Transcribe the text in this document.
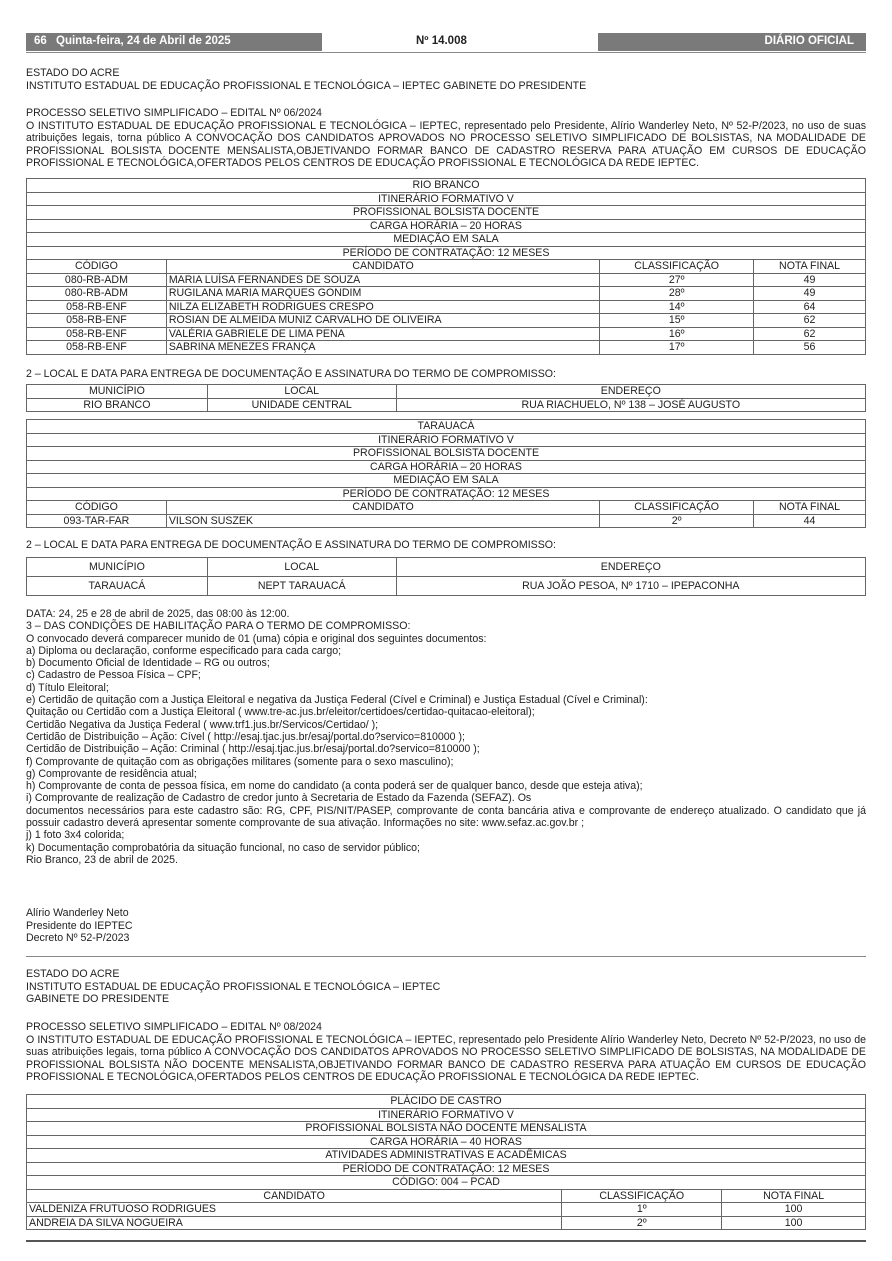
66 Quinta-feira, 24 de Abril de 2025	Nº 14.008	DIÁRIO OFICIAL

ESTADO DO ACRE

INSTITUTO ESTADUAL DE EDUCAÇÃO PROFISSIONAL E TECNOLÓGICA – IEPTEC GABINETE DO PRESIDENTE

PROCESSO SELETIVO SIMPLIFICADO – EDITAL Nº 06/2024

O INSTITUTO ESTADUAL DE EDUCAÇÃO PROFISSIONAL E TECNOLÓGICA – IEPTEC, representado pelo Presidente, Alírio Wanderley Neto, Nº 52-P/2023, no uso de suas atribuições legais, torna público A CONVOCAÇÃO DOS CANDIDATOS APROVADOS NO PROCESSO SELETIVO SIMPLIFICADO DE BOLSISTAS, NA MODALIDADE DE PROFISSIONAL BOLSISTA DOCENTE MENSALISTA,OBJETIVANDO FORMAR BANCO DE CADASTRO RESERVA PARA ATUAÇÃO EM CURSOS DE EDUCAÇÃO PROFISSIONAL E TECNOLÓGICA,OFERTADOS PELOS CENTROS DE EDUCAÇÃO PROFISSIONAL E TECNOLÓGICA DA REDE IEPTEC.

RIO BRANCO			
ITINERÁRIO FORMATIVO V			
PROFISSIONAL BOLSISTA DOCENTE			
CARGA HORÁRIA – 20 HORAS			
MEDIAÇÃO EM SALA			
PERÍODO DE CONTRATAÇÃO: 12 MESES			
CÓDIGO	CANDIDATO	CLASSIFICAÇÃO	NOTA FINAL
080-RB-ADM	MARIA LUÍSA FERNANDES DE SOUZA	27º	49
080-RB-ADM	RUGILANA MARIA MARQUES GONDIM	28º	49
058-RB-ENF	NILZA ELIZABETH RODRIGUES CRESPO	14º	64
058-RB-ENF	ROSIAN DE ALMEIDA MUNIZ CARVALHO DE OLIVEIRA	15º	62
058-RB-ENF	VALÉRIA GABRIELE DE LIMA PENA	16º	62
058-RB-ENF	SABRINA MENEZES FRANÇA	17º	56
2 – LOCAL E DATA PARA ENTREGA DE DOCUMENTAÇÃO E ASSINATURA DO TERMO DE COMPROMISSO:
MUNICÍPIO	LOCAL	ENDEREÇO
RIO BRANCO	UNIDADE CENTRAL	RUA RIACHUELO, Nº 138 – JOSÉ AUGUSTO
TARAUACÁ			
ITINERÁRIO FORMATIVO V			
PROFISSIONAL BOLSISTA DOCENTE			
CARGA HORÁRIA – 20 HORAS			
MEDIAÇÃO EM SALA			
PERÍODO DE CONTRATAÇÃO: 12 MESES			
CÓDIGO	CANDIDATO	CLASSIFICAÇÃO	NOTA FINAL
093-TAR-FAR	VILSON SUSZEK	2º	44
2 – LOCAL E DATA PARA ENTREGA DE DOCUMENTAÇÃO E ASSINATURA DO TERMO DE COMPROMISSO:
MUNICÍPIO	LOCAL	ENDEREÇO
TARAUACÁ	NEPT TARAUACÁ	RUA JOÃO PESOA, Nº 1710 – IPEPACONHA

DATA: 24, 25 e 28 de abril de 2025, das 08:00 às 12:00.

3 – DAS CONDIÇÕES DE HABILITAÇÃO PARA O TERMO DE COMPROMISSO:

O convocado deverá comparecer munido de 01 (uma) cópia e original dos seguintes documentos:

a) Diploma ou declaração, conforme especificado para cada cargo;

b) Documento Oficial de Identidade – RG ou outros;

c) Cadastro de Pessoa Física – CPF;

d) Título Eleitoral;

e) Certidão de quitação com a Justiça Eleitoral e negativa da Justiça Federal (Cível e Criminal) e Justiça Estadual (Cível e Criminal):

Quitação ou Certidão com a Justiça Eleitoral ( www.tre-ac.jus.br/eleitor/certidoes/certidao-quitacao-eleitoral);

Certidão Negativa da Justiça Federal ( www.trf1.jus.br/Servicos/Certidao/ );

Certidão de Distribuição – Ação: Cível ( http://esaj.tjac.jus.br/esaj/portal.do?servico=810000 );

Certidão de Distribuição – Ação: Criminal ( http://esaj.tjac.jus.br/esaj/portal.do?servico=810000 );

f) Comprovante de quitação com as obrigações militares (somente para o sexo masculino);

g) Comprovante de residência atual;

h) Comprovante de conta de pessoa física, em nome do candidato (a conta poderá ser de qualquer banco, desde que esteja ativa);

i) Comprovante de realização de Cadastro de credor junto à Secretaria de Estado da Fazenda (SEFAZ). Os

documentos necessários para este cadastro são: RG, CPF, PIS/NIT/PASEP, comprovante de conta bancária ativa e comprovante de endereço atualizado. O candidato que já possuir cadastro deverá apresentar somente comprovante de sua ativação. Informações no site: www.sefaz.ac.gov.br ;

j) 1 foto 3x4 colorida;

k) Documentação comprobatória da situação funcional, no caso de servidor público;

Rio Branco, 23 de abril de 2025.

Alírio Wanderley Neto

Presidente do IEPTEC

Decreto Nº 52-P/2023

ESTADO DO ACRE

INSTITUTO ESTADUAL DE EDUCAÇÃO PROFISSIONAL E TECNOLÓGICA – IEPTEC

GABINETE DO PRESIDENTE

PROCESSO SELETIVO SIMPLIFICADO – EDITAL Nº 08/2024

O INSTITUTO ESTADUAL DE EDUCAÇÃO PROFISSIONAL E TECNOLÓGICA – IEPTEC, representado pelo Presidente Alírio Wanderley Neto, Decreto Nº 52-P/2023, no uso de suas atribuições legais, torna público A CONVOCAÇÃO DOS CANDIDATOS APROVADOS NO PROCESSO SELETIVO SIMPLIFICADO DE BOLSISTAS, NA MODALIDADE DE PROFISSIONAL BOLSISTA NÃO DOCENTE MENSALISTA,OBJETIVANDO FORMAR BANCO DE CADASTRO RESERVA PARA ATUAÇÃO EM CURSOS DE EDUCAÇÃO PROFISSIONAL E TECNOLÓGICA,OFERTADOS PELOS CENTROS DE EDUCAÇÃO PROFISSIONAL E TECNOLÓGICA DA REDE IEPTEC.

PLÁCIDO DE CASTRO		
ITINERÁRIO FORMATIVO V		
PROFISSIONAL BOLSISTA NÃO DOCENTE MENSALISTA		
CARGA HORÁRIA – 40 HORAS		
ATIVIDADES ADMINISTRATIVAS E ACADÊMICAS		
PERÍODO DE CONTRATAÇÃO: 12 MESES		
CÓDIGO: 004 – PCAD		
CANDIDATO	CLASSIFICAÇÃO	NOTA FINAL
VALDENIZA FRUTUOSO RODRIGUES	1º	100
ANDREIA DA SILVA NOGUEIRA	2º	100
